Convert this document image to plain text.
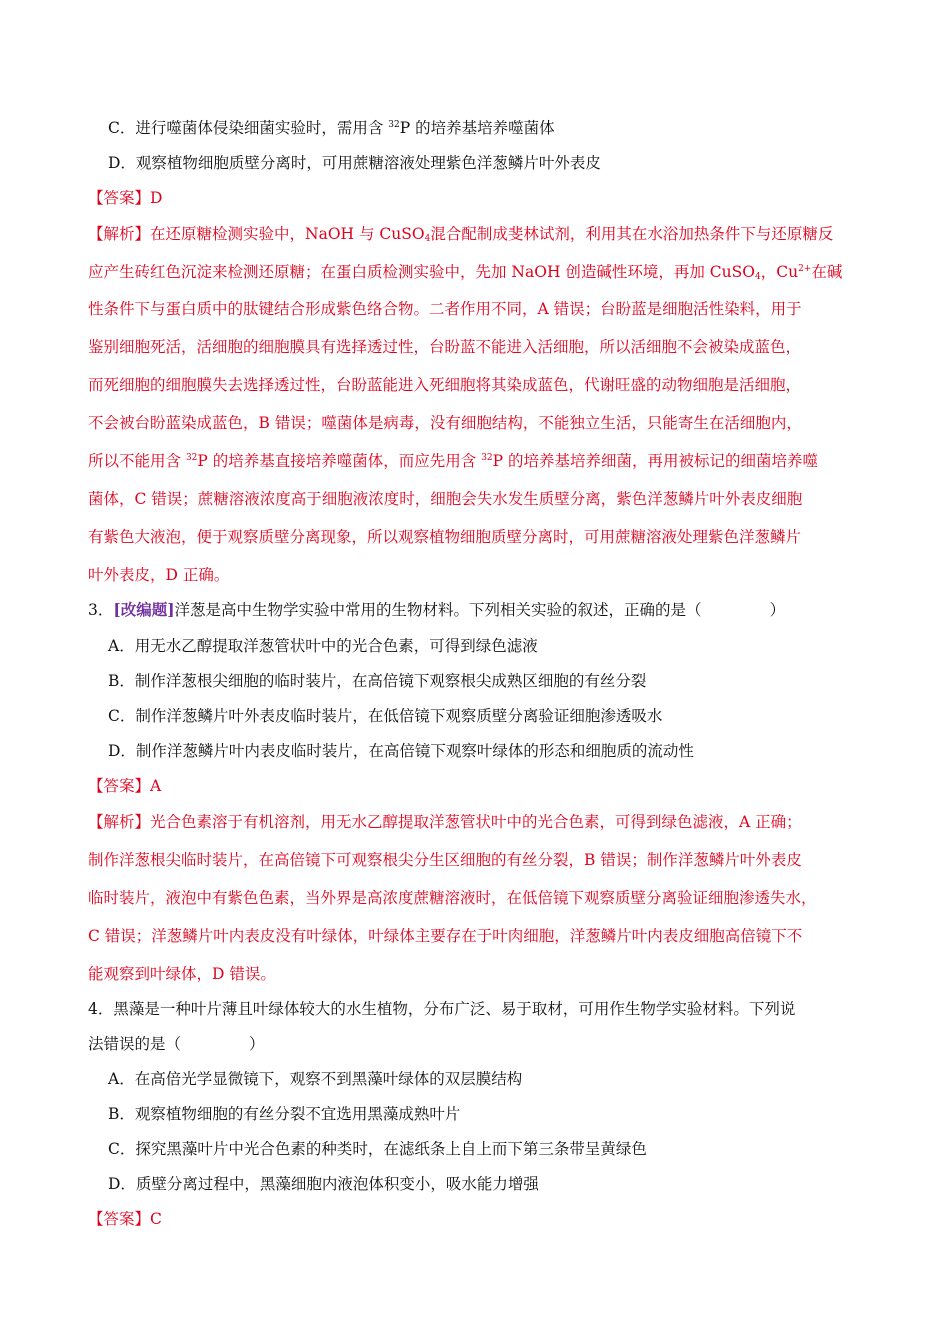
C．进行噬菌体侵染细菌实验时，需用含 $^{32}$P 的培养基培养噬菌体
D．观察植物细胞质壁分离时，可用蔗糖溶液处理紫色洋葱鳞片叶外表皮
【答案】D
【解析】在还原糖检测实验中，NaOH 与 CuSO$_4$混合配制成斐林试剂，利用其在水浴加热条件下与还原糖反
应产生砖红色沉淀来检测还原糖；在蛋白质检测实验中，先加 NaOH 创造碱性环境，再加 CuSO$_4$，$Cu^{2+}$在碱
性条件下与蛋白质中的肽键结合形成紫色络合物。二者作用不同，A 错误；台盼蓝是细胞活性染料，用于
鉴别细胞死活，活细胞的细胞膜具有选择透过性，台盼蓝不能进入活细胞，所以活细胞不会被染成蓝色，
而死细胞的细胞膜失去选择透过性，台盼蓝能进入死细胞将其染成蓝色，代谢旺盛的动物细胞是活细胞，
不会被台盼蓝染成蓝色，B 错误；噬菌体是病毒，没有细胞结构，不能独立生活，只能寄生在活细胞内，
所以不能用含 $^{32}$P 的培养基直接培养噬菌体，而应先用含 $^{32}$P 的培养基培养细菌，再用被标记的细菌培养噬
菌体，C 错误；蔗糖溶液浓度高于细胞液浓度时，细胞会失水发生质壁分离，紫色洋葱鳞片叶外表皮细胞
有紫色大液泡，便于观察质壁分离现象，所以观察植物细胞质壁分离时，可用蔗糖溶液处理紫色洋葱鳞片
叶外表皮，D 正确。
3．[改编题]洋葱是高中生物学实验中常用的生物材料。下列相关实验的叙述，正确的是（	）
A．用无水乙醇提取洋葱管状叶中的光合色素，可得到绿色滤液
B．制作洋葱根尖细胞的临时装片，在高倍镜下观察根尖成熟区细胞的有丝分裂
C．制作洋葱鳞片叶外表皮临时装片，在低倍镜下观察质壁分离验证细胞渗透吸水
D．制作洋葱鳞片叶内表皮临时装片，在高倍镜下观察叶绿体的形态和细胞质的流动性
【答案】A
【解析】光合色素溶于有机溶剂，用无水乙醇提取洋葱管状叶中的光合色素，可得到绿色滤液，A 正确；
制作洋葱根尖临时装片，在高倍镜下可观察根尖分生区细胞的有丝分裂，B 错误；制作洋葱鳞片叶外表皮
临时装片，液泡中有紫色色素，当外界是高浓度蔗糖溶液时，在低倍镜下观察质壁分离验证细胞渗透失水，
C 错误；洋葱鳞片叶内表皮没有叶绿体，叶绿体主要存在于叶肉细胞，洋葱鳞片叶内表皮细胞高倍镜下不
能观察到叶绿体，D 错误。
4．黑藻是一种叶片薄且叶绿体较大的水生植物，分布广泛、易于取材，可用作生物学实验材料。下列说
法错误的是（	）
A．在高倍光学显微镜下，观察不到黑藻叶绿体的双层膜结构
B．观察植物细胞的有丝分裂不宜选用黑藻成熟叶片
C．探究黑藻叶片中光合色素的种类时，在滤纸条上自上而下第三条带呈黄绿色
D．质壁分离过程中，黑藻细胞内液泡体积变小，吸水能力增强
【答案】C
